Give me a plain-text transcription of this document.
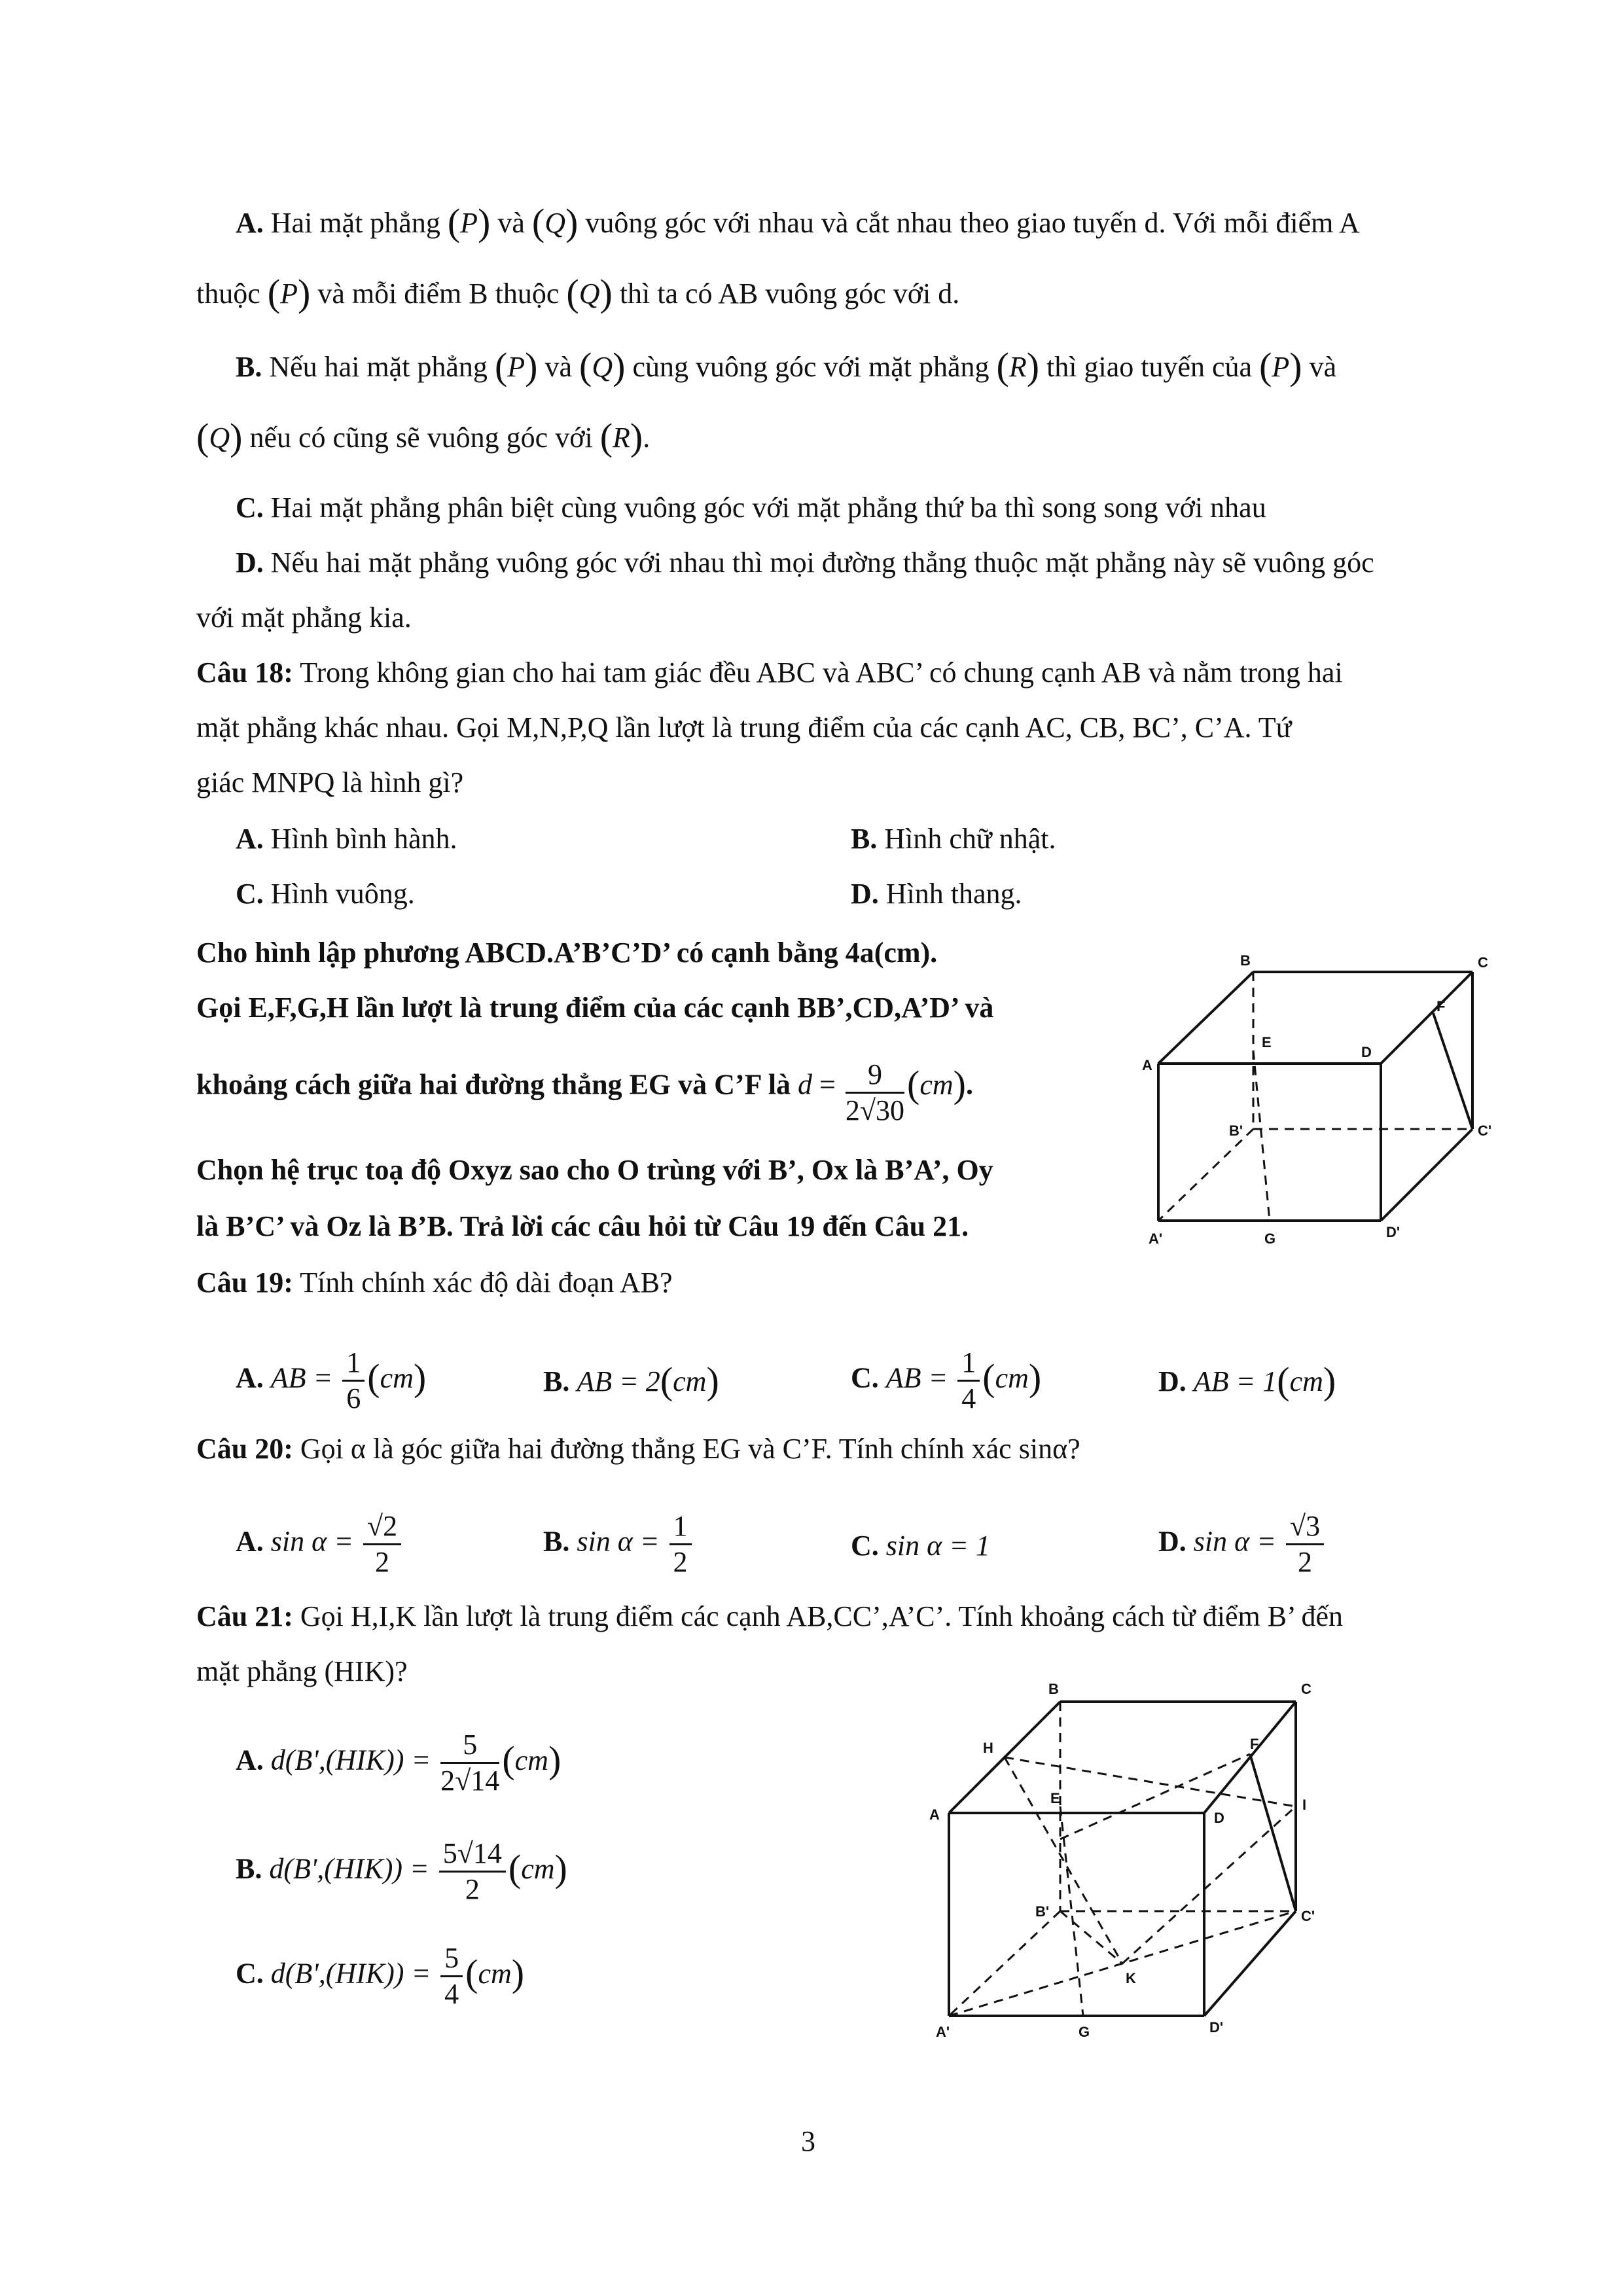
A. Hai mặt phẳng (P) và (Q) vuông góc với nhau và cắt nhau theo giao tuyến d. Với mỗi điểm A
thuộc (P) và mỗi điểm B thuộc (Q) thì ta có AB vuông góc với d.
B. Nếu hai mặt phẳng (P) và (Q) cùng vuông góc với mặt phẳng (R) thì giao tuyến của (P) và
(Q) nếu có cũng sẽ vuông góc với (R).
C. Hai mặt phẳng phân biệt cùng vuông góc với mặt phẳng thứ ba thì song song với nhau
D. Nếu hai mặt phẳng vuông góc với nhau thì mọi đường thẳng thuộc mặt phẳng này sẽ vuông góc
với mặt phẳng kia.
Câu 18: Trong không gian cho hai tam giác đều ABC và ABC’ có chung cạnh AB và nằm trong hai
mặt phẳng khác nhau. Gọi M,N,P,Q lần lượt là trung điểm của các cạnh AC, CB, BC’, C’A. Tứ
giác MNPQ là hình gì?
A. Hình bình hành.	B. Hình chữ nhật.
C. Hình vuông.	D. Hình thang.
Cho hình lập phương ABCD.A’B’C’D’ có cạnh bằng 4a(cm).
Gọi E,F,G,H lần lượt là trung điểm của các cạnh BB’,CD,A’D’ và
khoảng cách giữa hai đường thẳng EG và C’F là $d = \frac{9}{2√30} (cm)$.
Chọn hệ trục toạ độ Oxyz sao cho O trùng với B’, Ox là B’A’, Oy
là B’C’ và Oz là B’B. Trả lời các câu hỏi từ Câu 19 đến Câu 21.
B	C
A
D
E
F
B'	C'
A'	G	D'
Câu 19: Tính chính xác độ dài đoạn AB?
A. AB = $\frac{1}{6} (cm)$	B. AB = 2(cm)	C. AB = $\frac{1}{4} (cm)$	D. AB = 1(cm)
Câu 20: Gọi α là góc giữa hai đường thẳng EG và C’F. Tính chính xác sinα?
A. $\sin \alpha = \frac{√2}{2}$	B. $\sin \alpha = \frac{1}{2}$	C. sin α = 1	D. $\sin \alpha = \frac{√3}{2}$
Câu 21: Gọi H,I,K lần lượt là trung điểm các cạnh AB,CC’,A’C’. Tính khoảng cách từ điểm B’ đến
mặt phẳng (HIK)?
A. $d(B',(HIK)) = \frac{5}{2√14} (cm)$
B. $d(B',(HIK)) = \frac{5√14}{2} (cm)$
C. $d(B',(HIK)) = \frac{5}{4} (cm)$
B	C
A	D
H
E
F
I
B'	C'
K
A'	G	D'
3
